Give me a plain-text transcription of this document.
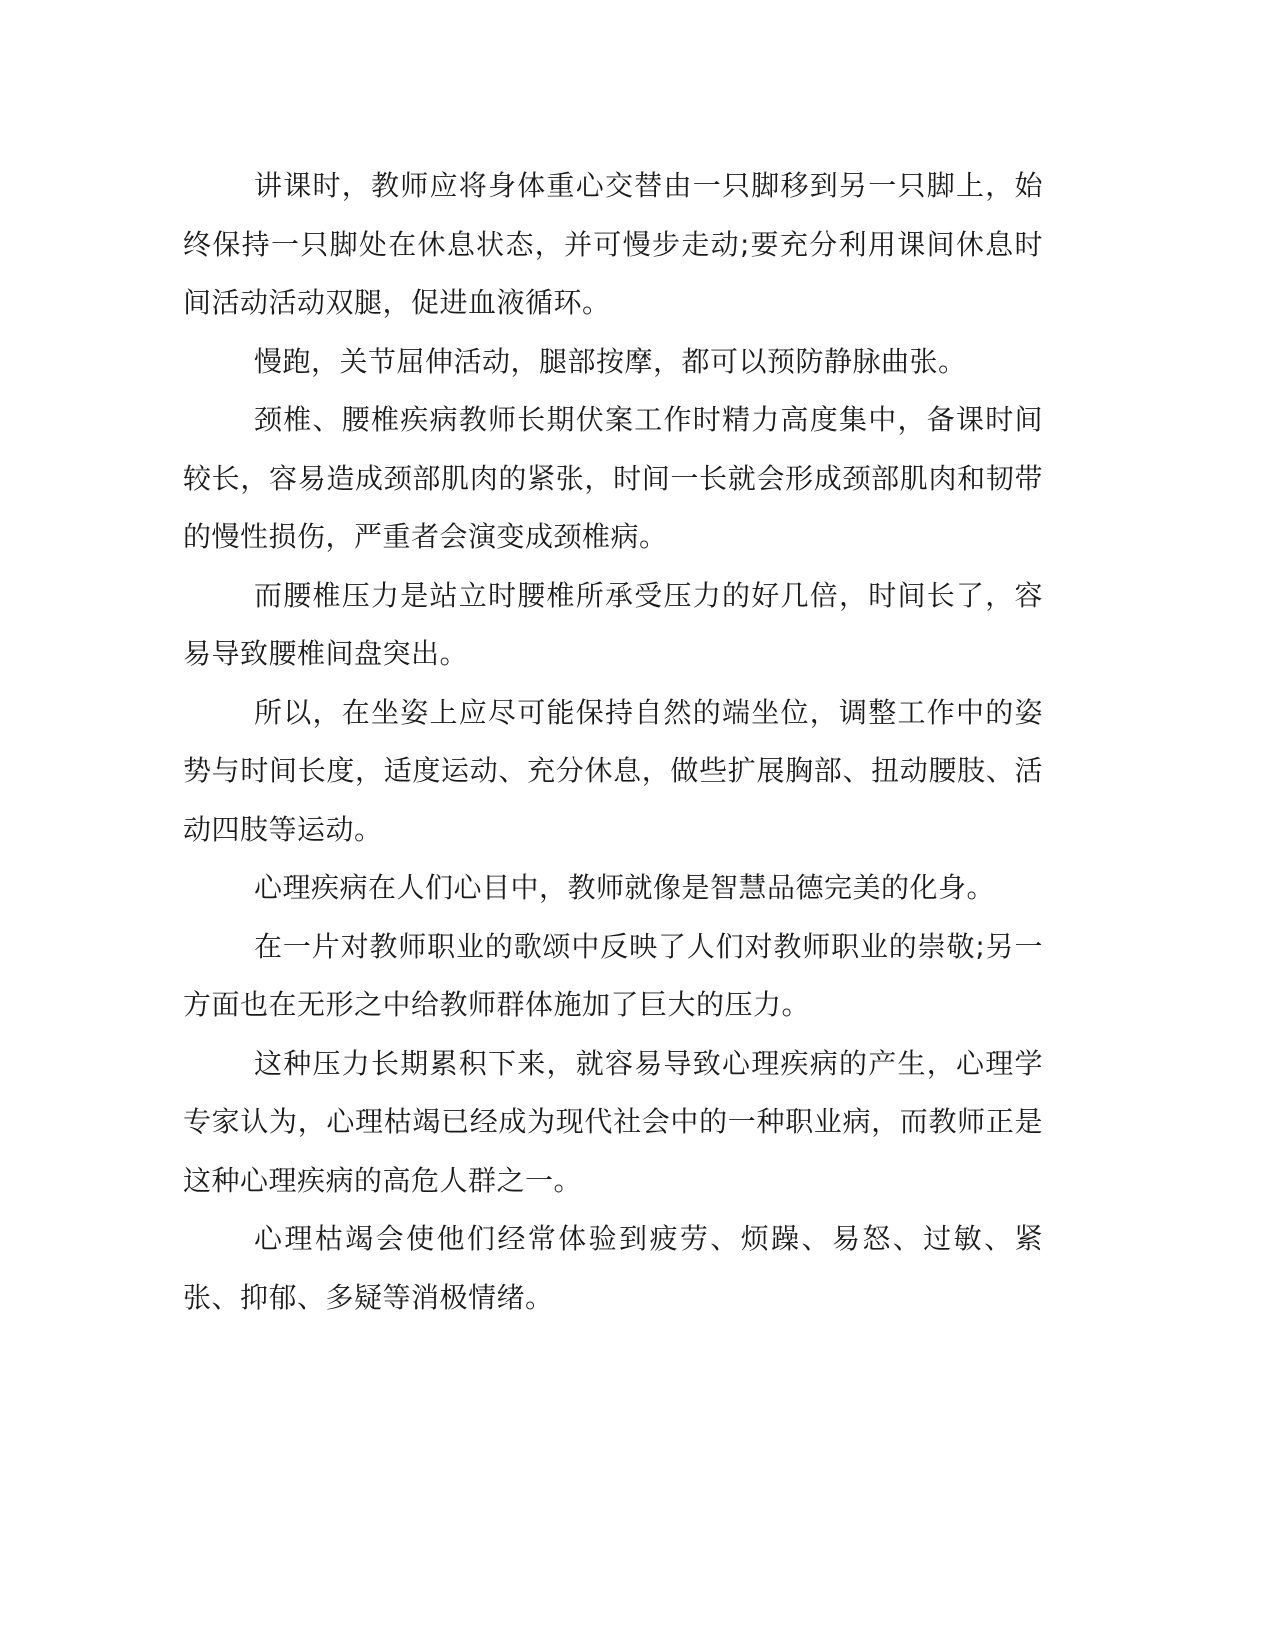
讲课时，教师应将身体重心交替由一只脚移到另一只脚上，始终保持一只脚处在休息状态，并可慢步走动;要充分利用课间休息时间活动活动双腿，促进血液循环。

慢跑，关节屈伸活动，腿部按摩，都可以预防静脉曲张。

颈椎、腰椎疾病教师长期伏案工作时精力高度集中，备课时间较长，容易造成颈部肌肉的紧张，时间一长就会形成颈部肌肉和韧带的慢性损伤，严重者会演变成颈椎病。

而腰椎压力是站立时腰椎所承受压力的好几倍，时间长了，容易导致腰椎间盘突出。

所以，在坐姿上应尽可能保持自然的端坐位，调整工作中的姿势与时间长度，适度运动、充分休息，做些扩展胸部、扭动腰肢、活动四肢等运动。

心理疾病在人们心目中，教师就像是智慧品德完美的化身。

在一片对教师职业的歌颂中反映了人们对教师职业的崇敬;另一方面也在无形之中给教师群体施加了巨大的压力。

这种压力长期累积下来，就容易导致心理疾病的产生，心理学专家认为，心理枯竭已经成为现代社会中的一种职业病，而教师正是这种心理疾病的高危人群之一。

心理枯竭会使他们经常体验到疲劳、烦躁、易怒、过敏、紧张、抑郁、多疑等消极情绪。
